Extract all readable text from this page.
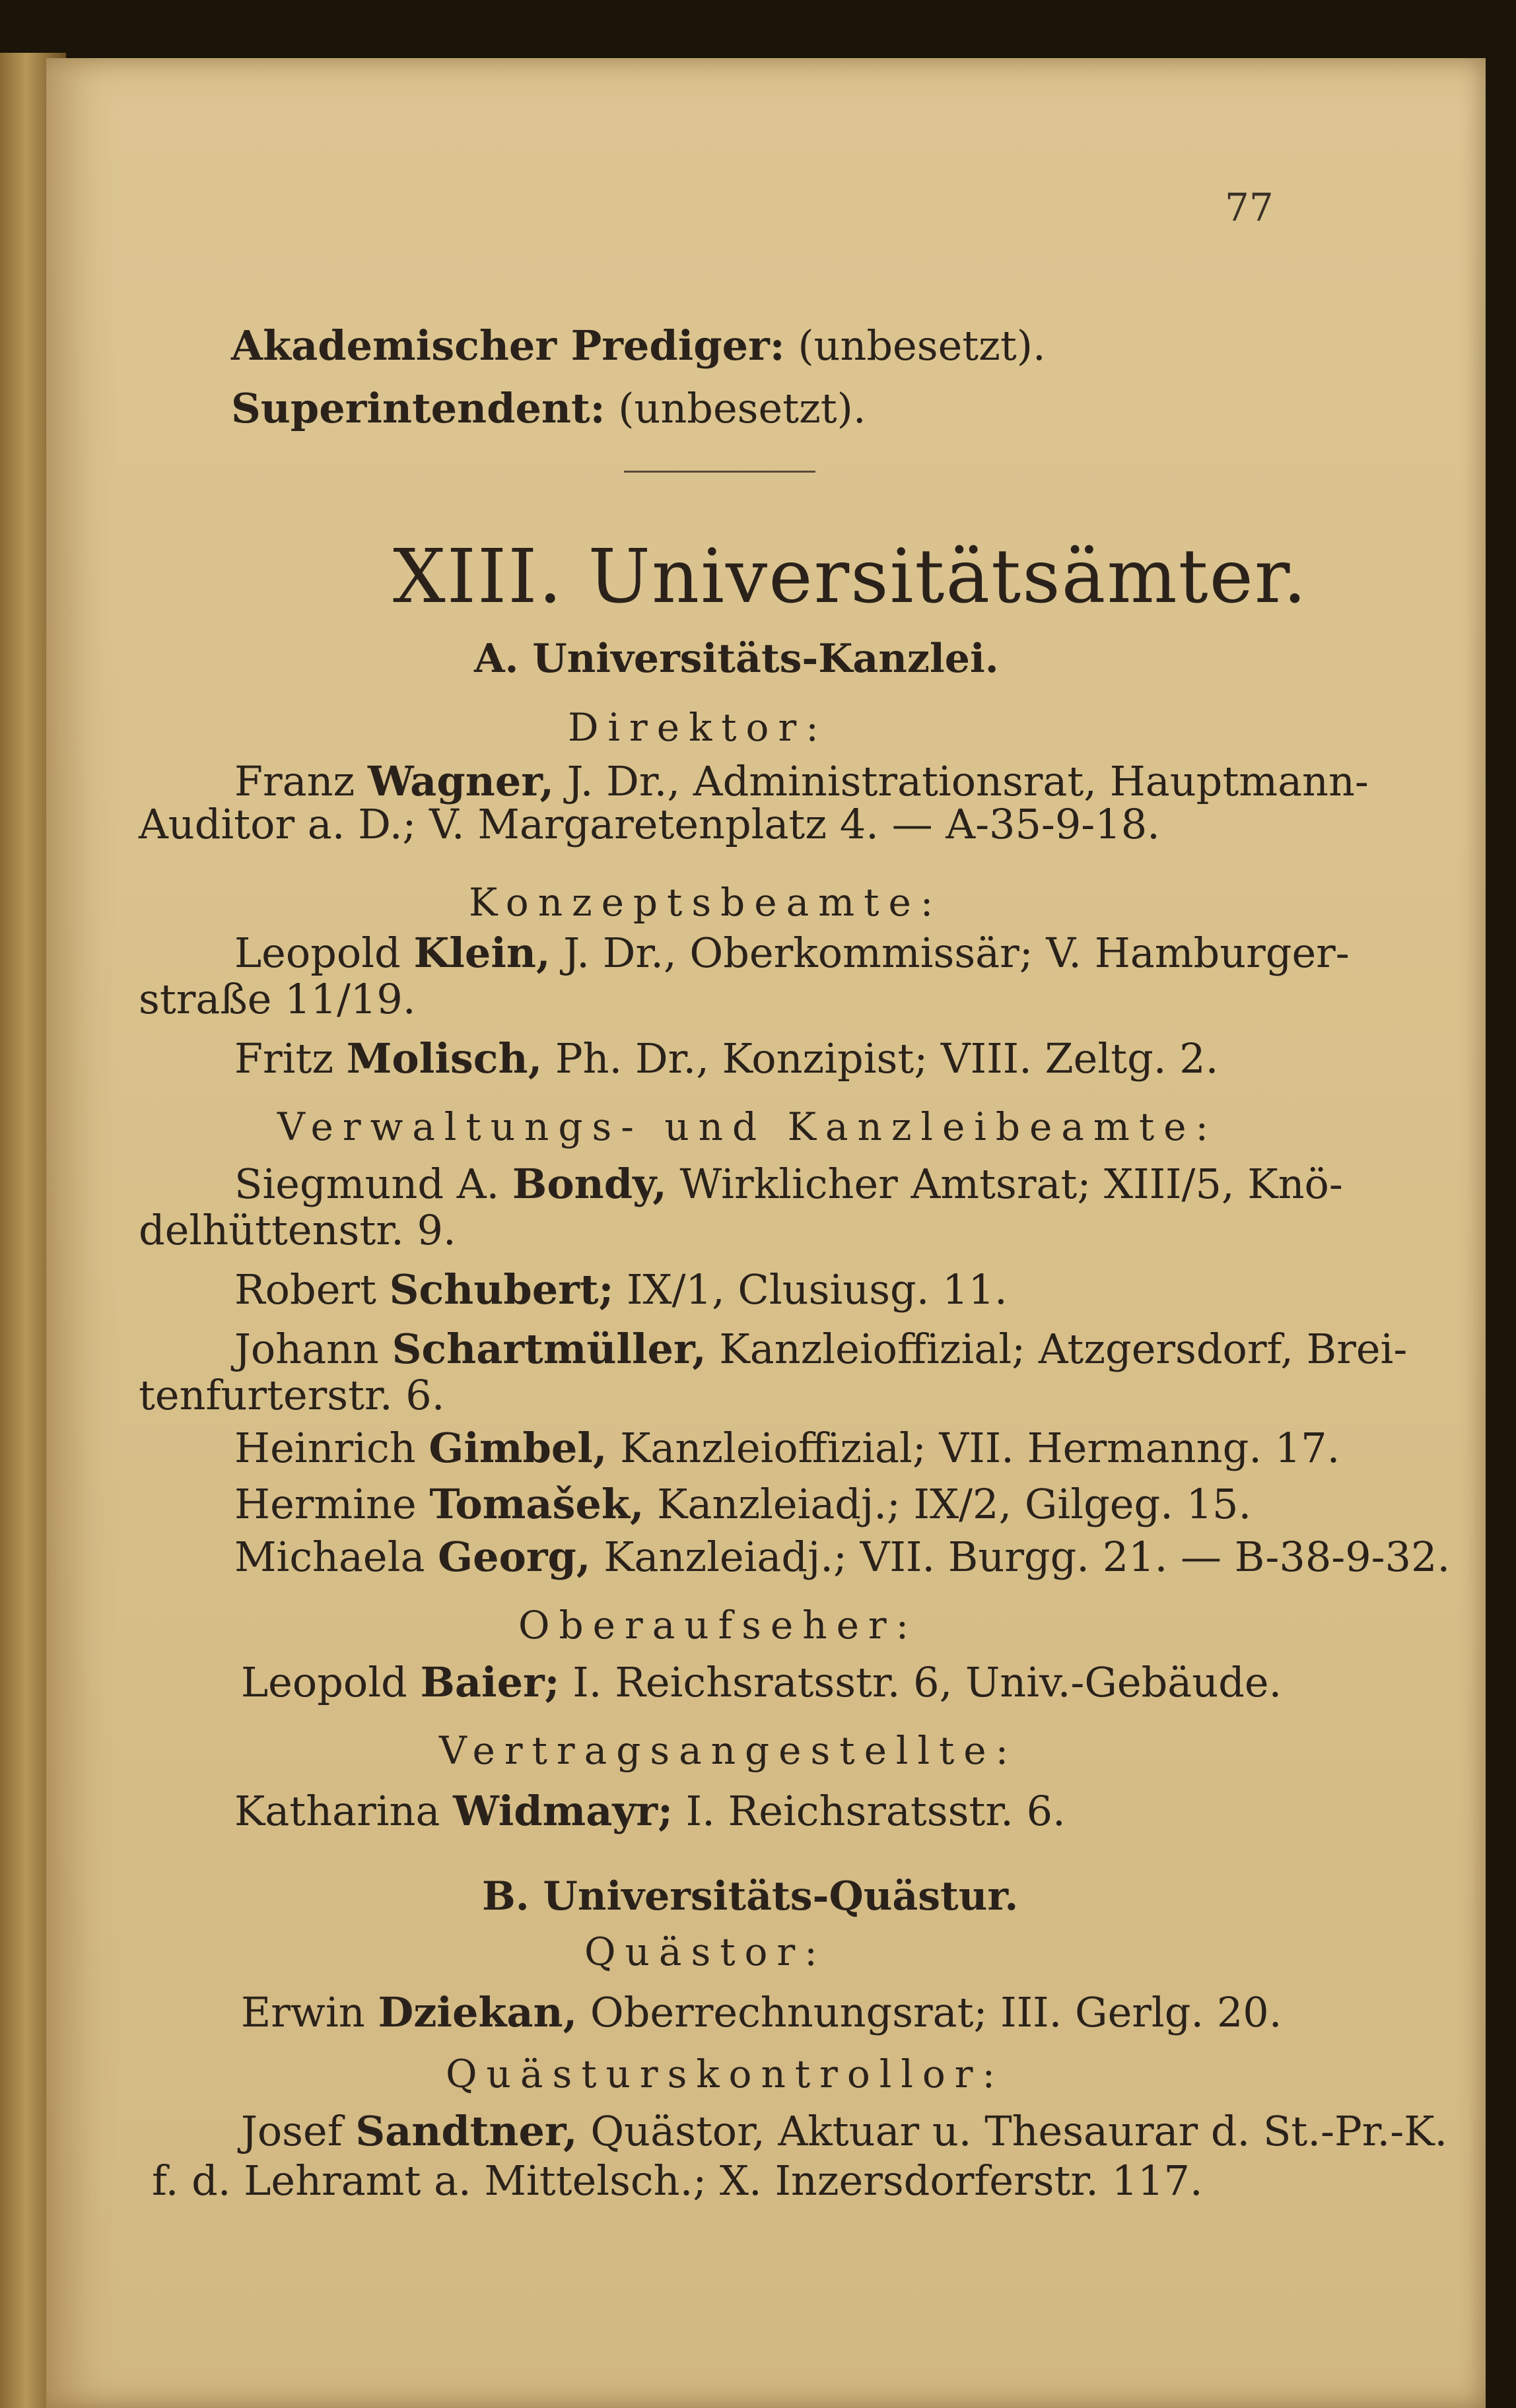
77
Akademischer Prediger: (unbesetzt).
Superintendent: (unbesetzt).
XIII. Universitätsämter.
A. Universitäts-Kanzlei.
Direktor:
Franz Wagner, J. Dr., Administrationsrat, Hauptmann-
Auditor a. D.; V. Margaretenplatz 4. — A-35-9-18.
Konzeptsbeamte:
Leopold Klein, J. Dr., Oberkommissär; V. Hamburger-
straße 11/19.
Fritz Molisch, Ph. Dr., Konzipist; VIII. Zeltg. 2.
Verwaltungs- und Kanzleibeamte:
Siegmund A. Bondy, Wirklicher Amtsrat; XIII/5, Knö-
delhüttenstr. 9.
Robert Schubert; IX/1, Clusiusg. 11.
Johann Schartmüller, Kanzleioffizial; Atzgersdorf, Brei-
tenfurterstr. 6.
Heinrich Gimbel, Kanzleioffizial; VII. Hermanng. 17.
Hermine Tomašek, Kanzleiadj.; IX/2, Gilgeg. 15.
Michaela Georg, Kanzleiadj.; VII. Burgg. 21. — B-38-9-32.
Oberaufseher:
Leopold Baier; I. Reichsratsstr. 6, Univ.-Gebäude.
Vertragsangestellte:
Katharina Widmayr; I. Reichsratsstr. 6.
B. Universitäts-Quästur.
Quästor:
Erwin Dziekan, Oberrechnungsrat; III. Gerlg. 20.
Quästurskontrollor:
Josef Sandtner, Quästor, Aktuar u. Thesaurar d. St.-Pr.-K.
f. d. Lehramt a. Mittelsch.; X. Inzersdorferstr. 117.
